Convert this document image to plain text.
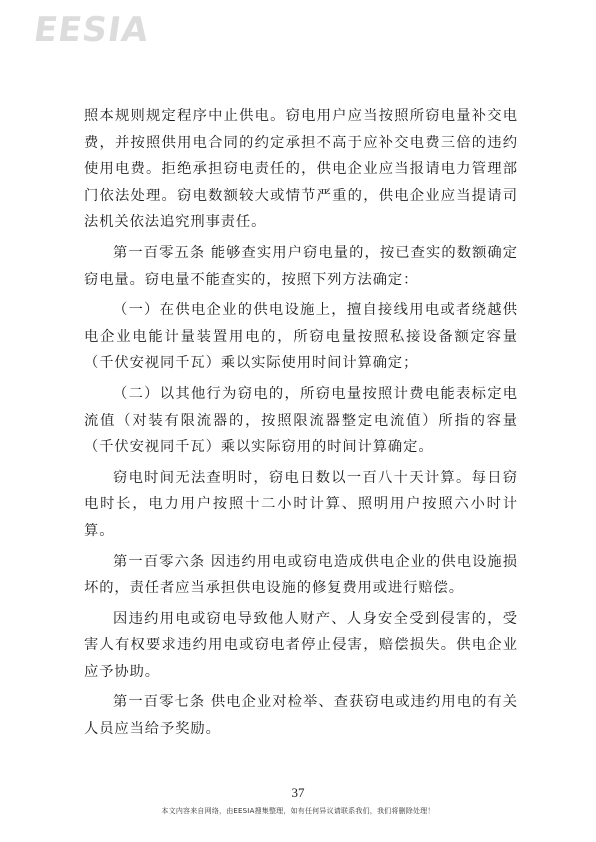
EESIA

照本规则规定程序中止供电。窃电用户应当按照所窃电量补交电费，并按照供用电合同的约定承担不高于应补交电费三倍的违约使用电费。拒绝承担窃电责任的，供电企业应当报请电力管理部门依法处理。窃电数额较大或情节严重的，供电企业应当提请司法机关依法追究刑事责任。

第一百零五条 能够查实用户窃电量的，按已查实的数额确定窃电量。窃电量不能查实的，按照下列方法确定：

（一）在供电企业的供电设施上，擅自接线用电或者绕越供电企业电能计量装置用电的，所窃电量按照私接设备额定容量（千伏安视同千瓦）乘以实际使用时间计算确定；

（二）以其他行为窃电的，所窃电量按照计费电能表标定电流值（对装有限流器的，按照限流器整定电流值）所指的容量（千伏安视同千瓦）乘以实际窃用的时间计算确定。

窃电时间无法查明时，窃电日数以一百八十天计算。每日窃电时长，电力用户按照十二小时计算、照明用户按照六小时计算。

第一百零六条 因违约用电或窃电造成供电企业的供电设施损坏的，责任者应当承担供电设施的修复费用或进行赔偿。

因违约用电或窃电导致他人财产、人身安全受到侵害的，受害人有权要求违约用电或窃电者停止侵害，赔偿损失。供电企业应予协助。

第一百零七条 供电企业对检举、查获窃电或违约用电的有关人员应当给予奖励。

37
本文内容来自网络，由EESIA搜集整理，如有任何异议请联系我们，我们将删除处理！
